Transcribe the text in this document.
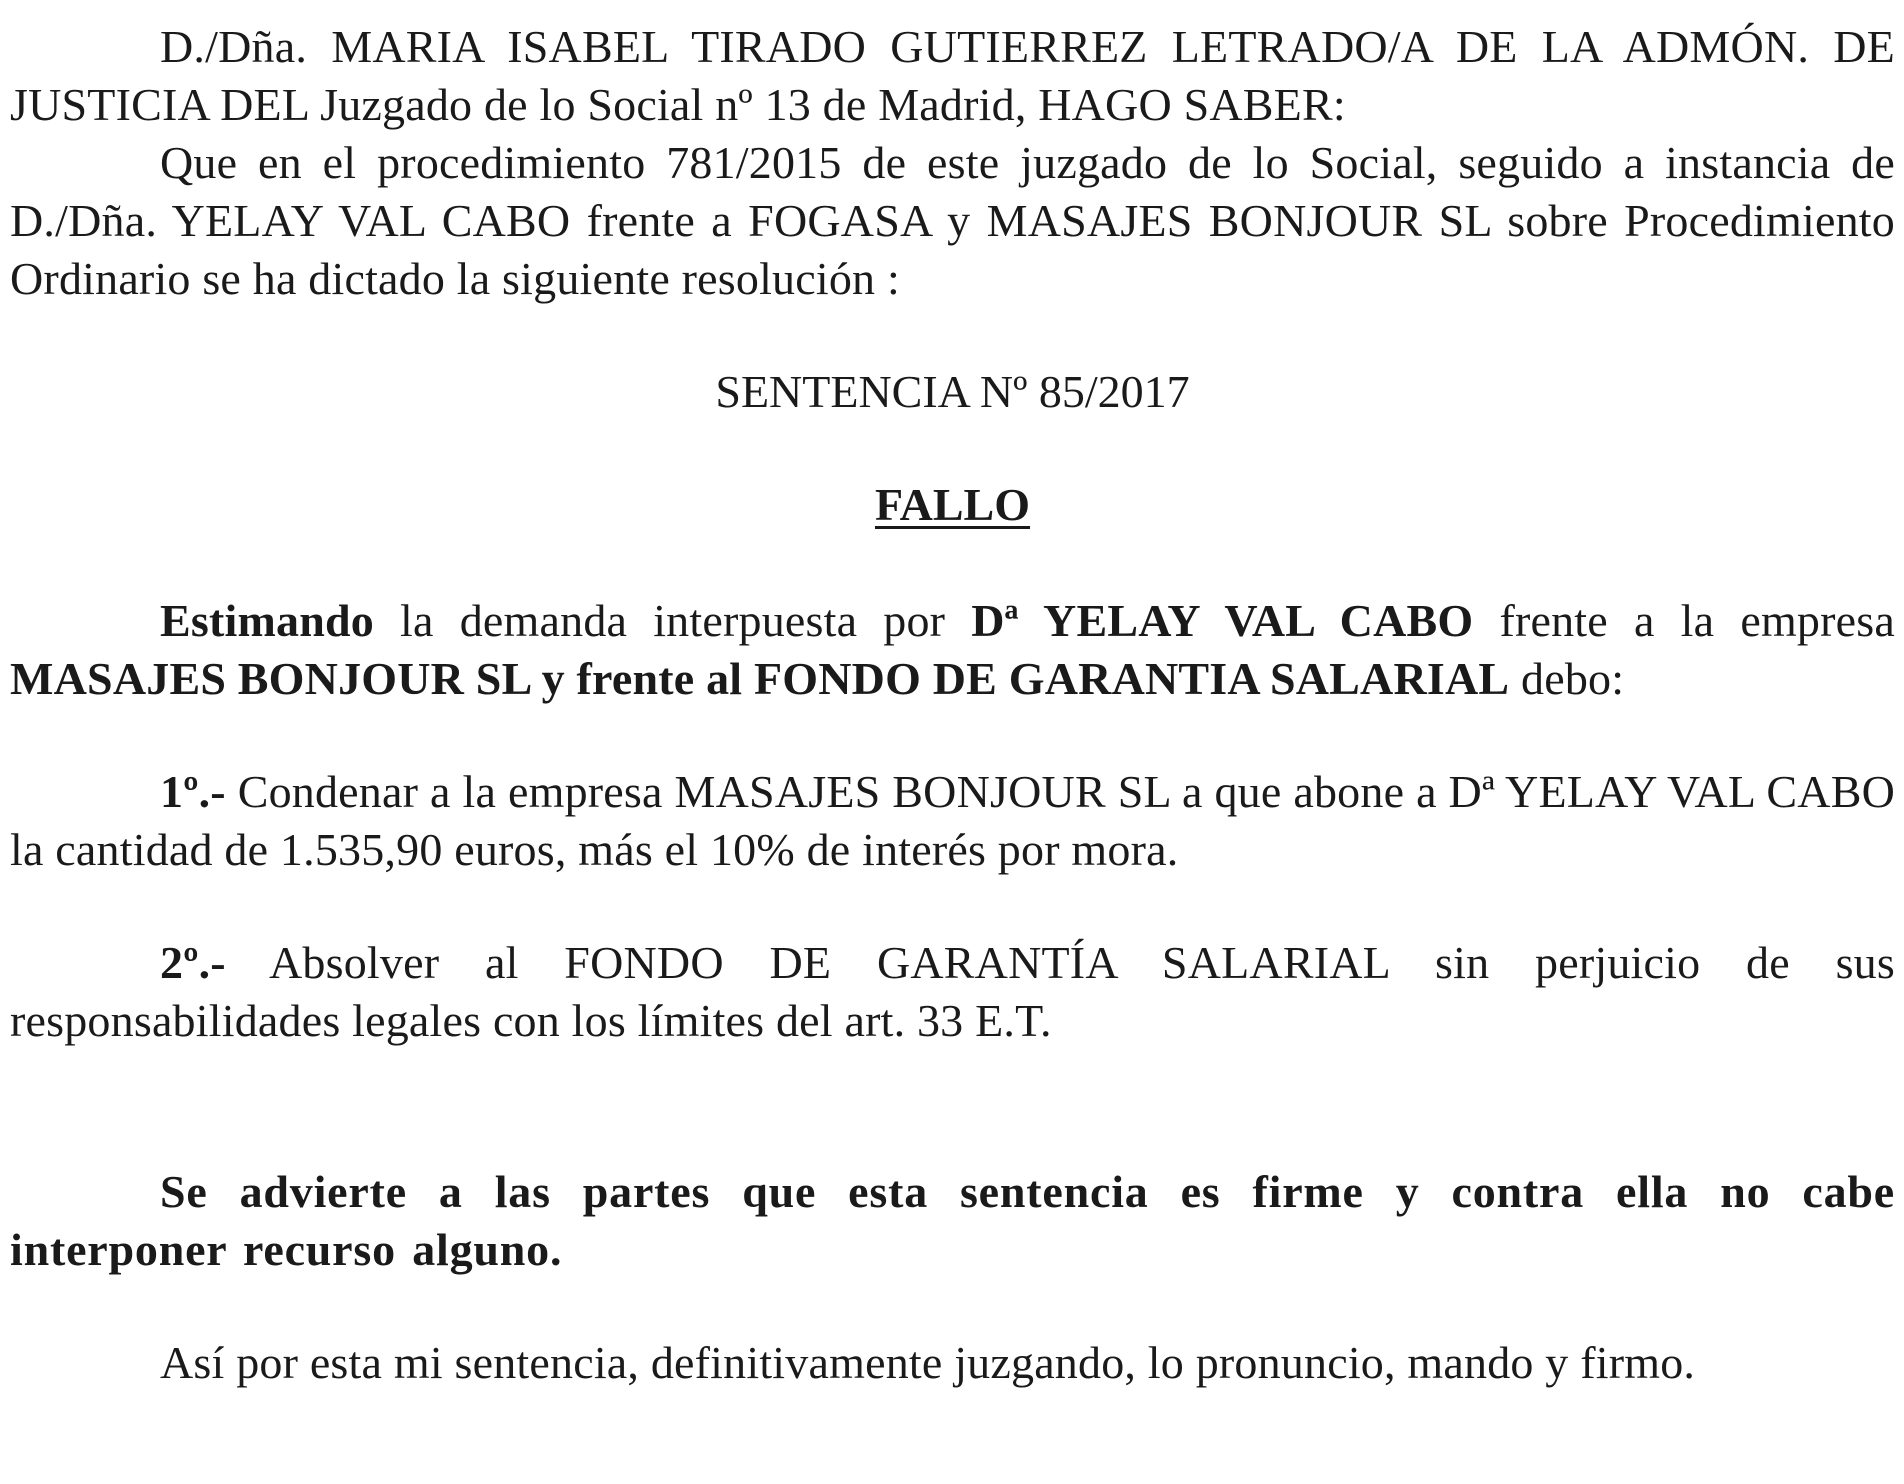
D./Dña. MARIA ISABEL TIRADO GUTIERREZ LETRADO/A DE LA ADMÓN. DE JUSTICIA DEL Juzgado de lo Social nº 13 de Madrid, HAGO SABER:

Que en el procedimiento 781/2015 de este juzgado de lo Social, seguido a instancia de D./Dña. YELAY VAL CABO frente a FOGASA y MASAJES BONJOUR SL sobre Procedimiento Ordinario se ha dictado la siguiente resolución :

SENTENCIA Nº 85/2017

FALLO

Estimando la demanda interpuesta por Dª YELAY VAL CABO frente a la empresa MASAJES BONJOUR SL y frente al FONDO DE GARANTIA SALARIAL debo:

1º.- Condenar a la empresa MASAJES BONJOUR SL a que abone a Dª YELAY VAL CABO la cantidad de 1.535,90 euros, más el 10% de interés por mora.

2º.- Absolver al FONDO DE GARANTÍA SALARIAL sin perjuicio de sus responsabilidades legales con los límites del art. 33 E.T.

Se advierte a las partes que esta sentencia es firme y contra ella no cabe interponer recurso alguno.

Así por esta mi sentencia, definitivamente juzgando, lo pronuncio, mando y firmo.
